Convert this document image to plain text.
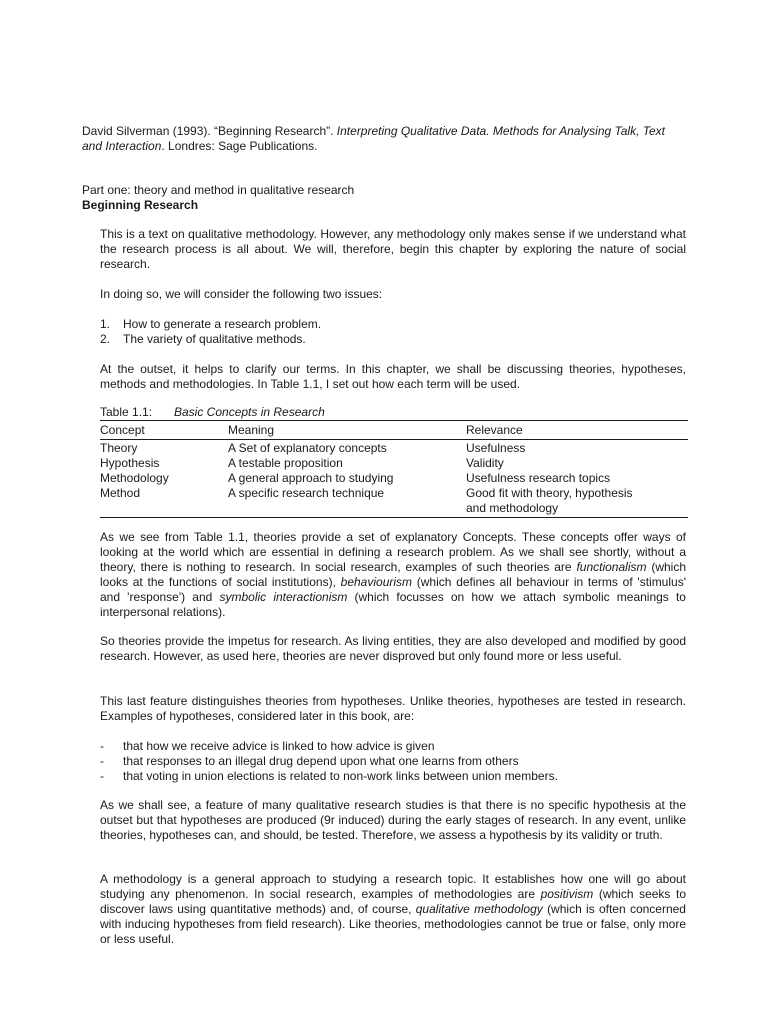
David Silverman (1993). “Beginning Research”. Interpreting Qualitative Data. Methods for Analysing Talk, Text and Interaction. Londres: Sage Publications.
Part one: theory and method in qualitative research
Beginning Research
This is a text on qualitative methodology. However, any methodology only makes sense if we understand what the research process is all about. We will, therefore, begin this chapter by exploring the nature of social research.
In doing so, we will consider the following two issues:
1. How to generate a research problem.
2. The variety of qualitative methods.
At the outset, it helps to clarify our terms. In this chapter, we shall be discussing theories, hypotheses, methods and methodologies. In Table 1.1, I set out how each term will be used.
Table 1.1: Basic Concepts in Research
Concept	Meaning	Relevance
Theory	A Set of explanatory concepts	Usefulness
Hypothesis	A testable proposition	Validity
Methodology	A general approach to studying	Usefulness research topics
Method	A specific research technique	Good fit with theory, hypothesis and methodology
As we see from Table 1.1, theories provide a set of explanatory Concepts. These concepts offer ways of looking at the world which are essential in defining a research problem. As we shall see shortly, without a theory, there is nothing to research. In social research, examples of such theories are functionalism (which looks at the functions of social institutions), behaviourism (which defines all behaviour in terms of 'stimulus' and 'response') and symbolic interactionism (which focusses on how we attach symbolic meanings to interpersonal relations).
So theories provide the impetus for research. As living entities, they are also developed and modified by good research. However, as used here, theories are never disproved but only found more or less useful.
This last feature distinguishes theories from hypotheses. Unlike theories, hypotheses are tested in research. Examples of hypotheses, considered later in this book, are:
- that how we receive advice is linked to how advice is given
- that responses to an illegal drug depend upon what one learns from others
- that voting in union elections is related to non-work links between union members.
As we shall see, a feature of many qualitative research studies is that there is no specific hypothesis at the outset but that hypotheses are produced (9r induced) during the early stages of research. In any event, unlike theories, hypotheses can, and should, be tested. Therefore, we assess a hypothesis by its validity or truth.
A methodology is a general approach to studying a research topic. It establishes how one will go about studying any phenomenon. In social research, examples of methodologies are positivism (which seeks to discover laws using quantitative methods) and, of course, qualitative methodology (which is often concerned with inducing hypotheses from field research). Like theories, methodologies cannot be true or false, only more or less useful.
